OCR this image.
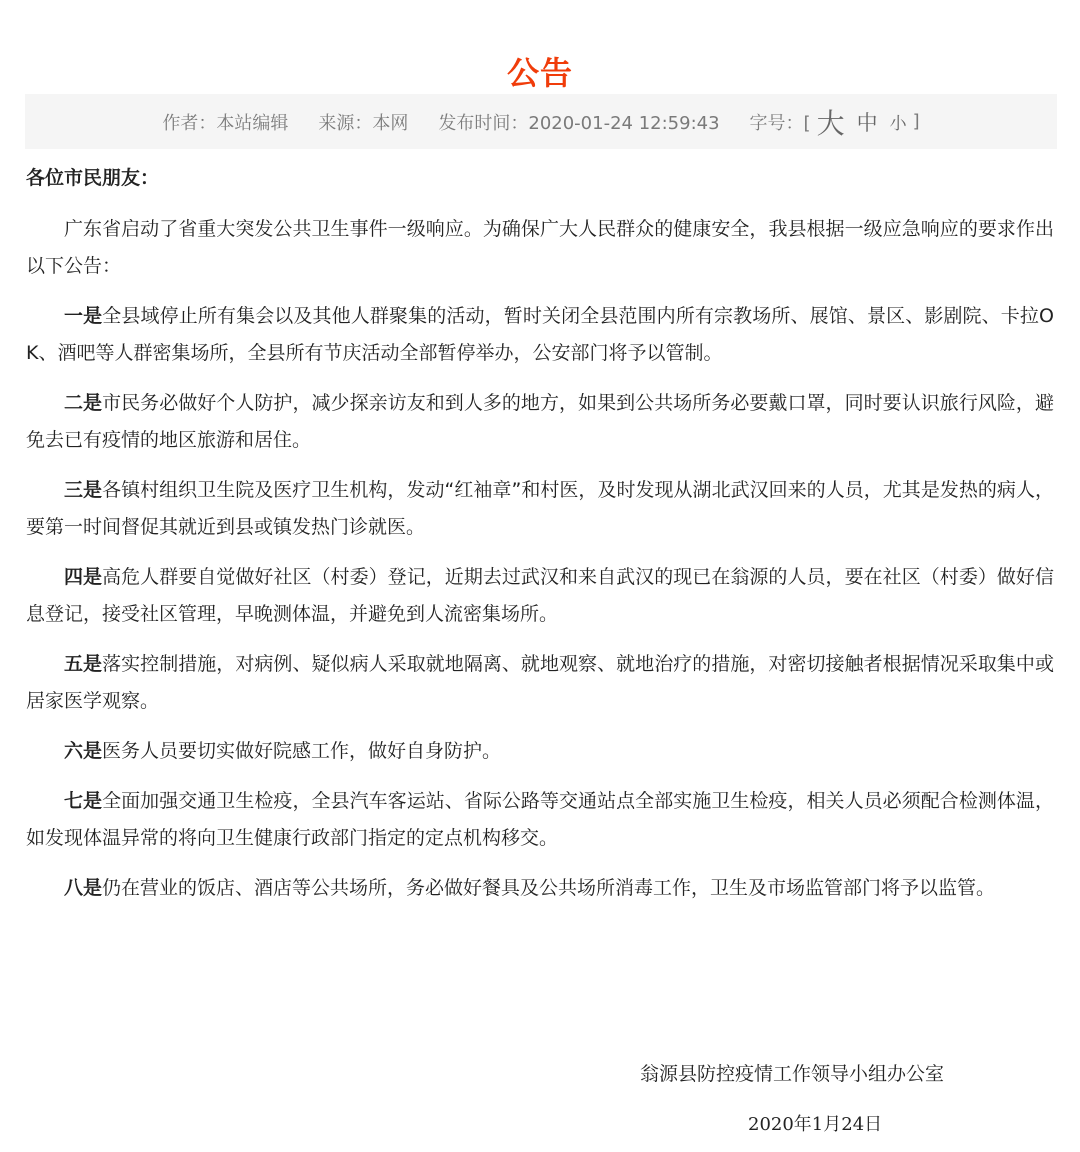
公告
作者：本站编辑 来源：本网 发布时间：2020-01-24 12:59:43 字号：[ 大 中 小 ]

各位市民朋友：

广东省启动了省重大突发公共卫生事件一级响应。为确保广大人民群众的健康安全，我县根据一级应急响应的要求作出以下公告：

一是全县域停止所有集会以及其他人群聚集的活动，暂时关闭全县范围内所有宗教场所、展馆、景区、影剧院、卡拉OK、酒吧等人群密集场所，全县所有节庆活动全部暂停举办，公安部门将予以管制。

二是市民务必做好个人防护，减少探亲访友和到人多的地方，如果到公共场所务必要戴口罩，同时要认识旅行风险，避免去已有疫情的地区旅游和居住。

三是各镇村组织卫生院及医疗卫生机构，发动“红袖章”和村医，及时发现从湖北武汉回来的人员，尤其是发热的病人，要第一时间督促其就近到县或镇发热门诊就医。

四是高危人群要自觉做好社区（村委）登记，近期去过武汉和来自武汉的现已在翁源的人员，要在社区（村委）做好信息登记，接受社区管理，早晚测体温，并避免到人流密集场所。

五是落实控制措施，对病例、疑似病人采取就地隔离、就地观察、就地治疗的措施，对密切接触者根据情况采取集中或居家医学观察。

六是医务人员要切实做好院感工作，做好自身防护。

七是全面加强交通卫生检疫，全县汽车客运站、省际公路等交通站点全部实施卫生检疫，相关人员必须配合检测体温，如发现体温异常的将向卫生健康行政部门指定的定点机构移交。

八是仍在营业的饭店、酒店等公共场所，务必做好餐具及公共场所消毒工作，卫生及市场监管部门将予以监管。

翁源县防控疫情工作领导小组办公室
2020年1月24日
